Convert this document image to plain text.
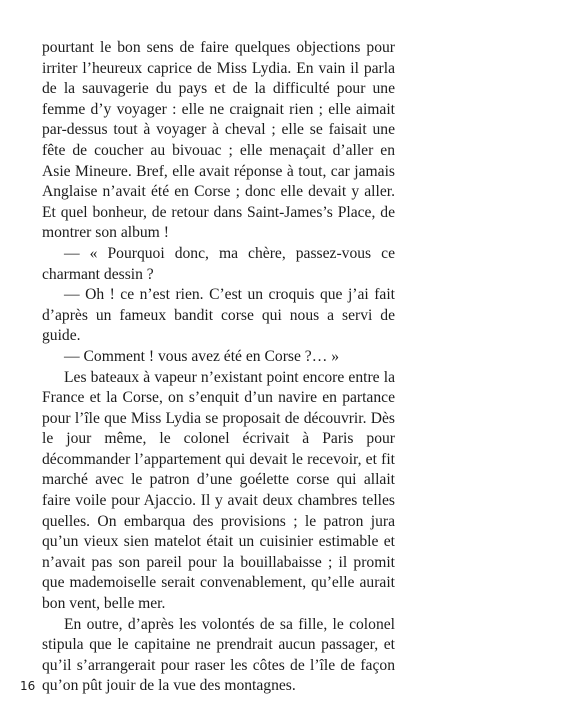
pourtant le bon sens de faire quelques objections pour irriter l’heureux caprice de Miss Lydia. En vain il parla de la sauvagerie du pays et de la difficulté pour une femme d’y voyager : elle ne craignait rien ; elle aimait par-dessus tout à voyager à cheval ; elle se faisait une fête de coucher au bivouac ; elle menaçait d’aller en Asie Mineure. Bref, elle avait réponse à tout, car jamais Anglaise n’avait été en Corse ; donc elle devait y aller. Et quel bonheur, de retour dans Saint-James’s Place, de montrer son album !

— « Pourquoi donc, ma chère, passez-vous ce charmant dessin ?

— Oh ! ce n’est rien. C’est un croquis que j’ai fait d’après un fameux bandit corse qui nous a servi de guide.

— Comment ! vous avez été en Corse ?… »

Les bateaux à vapeur n’existant point encore entre la France et la Corse, on s’enquit d’un navire en partance pour l’île que Miss Lydia se proposait de découvrir. Dès le jour même, le colonel écrivait à Paris pour décommander l’appartement qui devait le recevoir, et fit marché avec le patron d’une goélette corse qui allait faire voile pour Ajaccio. Il y avait deux chambres telles quelles. On embarqua des provisions ; le patron jura qu’un vieux sien matelot était un cuisinier estimable et n’avait pas son pareil pour la bouillabaisse ; il promit que mademoiselle serait convenablement, qu’elle aurait bon vent, belle mer.

En outre, d’après les volontés de sa fille, le colonel stipula que le capitaine ne prendrait aucun passager, et qu’il s’arrangerait pour raser les côtes de l’île de façon qu’on pût jouir de la vue des montagnes.

16
